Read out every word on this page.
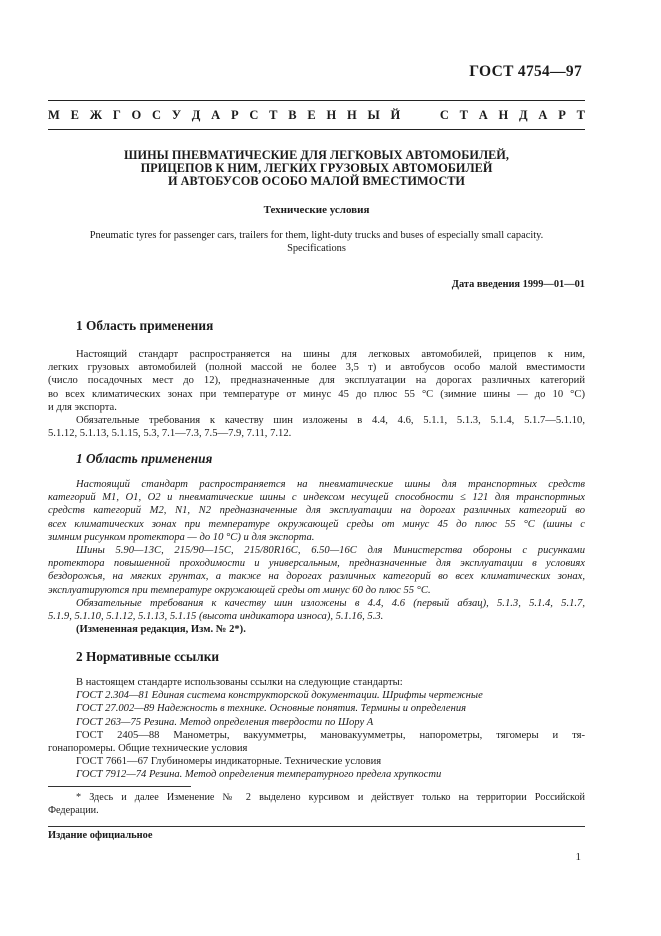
ГОСТ 4754—97
М Е Ж Г О С У Д А Р С Т В Е Н Н Ы Й	С Т А Н Д А Р Т
ШИНЫ ПНЕВМАТИЧЕСКИЕ ДЛЯ ЛЕГКОВЫХ АВТОМОБИЛЕЙ,
ПРИЦЕПОВ К НИМ, ЛЕГКИХ ГРУЗОВЫХ АВТОМОБИЛЕЙ
И АВТОБУСОВ ОСОБО МАЛОЙ ВМЕСТИМОСТИ
Технические условия
Pneumatic tyres for passenger cars, trailers for them, light-duty trucks and buses of especially small capacity.
Specifications
Дата введения 1999—01—01
1 Область применения
Настоящий стандарт распространяется на шины для легковых автомобилей, прицепов к ним,
легких грузовых автомобилей (полной массой не более 3,5 т) и автобусов особо малой вместимости
(число посадочных мест до 12), предназначенные для эксплуатации на дорогах различных категорий
во всех климатических зонах при температуре от минус 45 до плюс 55 °С (зимние шины — до 10 °С)
и для экспорта.
Обязательные требования к качеству шин изложены в 4.4, 4.6, 5.1.1, 5.1.3, 5.1.4, 5.1.7—5.1.10,
5.1.12, 5.1.13, 5.1.15, 5.3, 7.1—7.3, 7.5—7.9, 7.11, 7.12.
1 Область применения
Настоящий стандарт распространяется на пневматические шины для транспортных средств
категорий М1, О1, О2 и пневматические шины с индексом несущей способности ≤ 121 для транспортных
средств категорий М2, N1, N2 предназначенные для эксплуатации на дорогах различных категорий во
всех климатических зонах при температуре окружающей среды от минус 45 до плюс 55 °С (шины с
зимним рисунком протектора — до 10 °С) и для экспорта.
Шины 5.90—13С, 215/90—15С, 215/80R16C, 6.50—16С для Министерства обороны с рисунками
протектора повышенной проходимости и универсальным, предназначенные для эксплуатации в условиях
бездорожья, на мягких грунтах, а также на дорогах различных категорий во всех климатических зонах,
эксплуатируются при температуре окружающей среды от минус 60 до плюс 55 °С.
Обязательные требования к качеству шин изложены в 4.4, 4.6 (первый абзац), 5.1.3, 5.1.4, 5.1.7,
5.1.9, 5.1.10, 5.1.12, 5.1.13, 5.1.15 (высота индикатора износа), 5.1.16, 5.3.
(Измененная редакция, Изм. № 2*).
2 Нормативные ссылки
В настоящем стандарте использованы ссылки на следующие стандарты:
ГОСТ 2.304—81 Единая система конструкторской документации. Шрифты чертежные
ГОСТ 27.002—89 Надежность в технике. Основные понятия. Термины и определения
ГОСТ 263—75 Резина. Метод определения твердости по Шору А
ГОСТ 2405—88 Манометры, вакуумметры, мановакуумметры, напорометры, тягомеры и тя-
гонапоромеры. Общие технические условия
ГОСТ 7661—67 Глубиномеры индикаторные. Технические условия
ГОСТ 7912—74 Резина. Метод определения температурного предела хрупкости
* Здесь и далее Изменение № 2 выделено курсивом и действует только на территории Российской
Федерации.
Издание официальное
1
